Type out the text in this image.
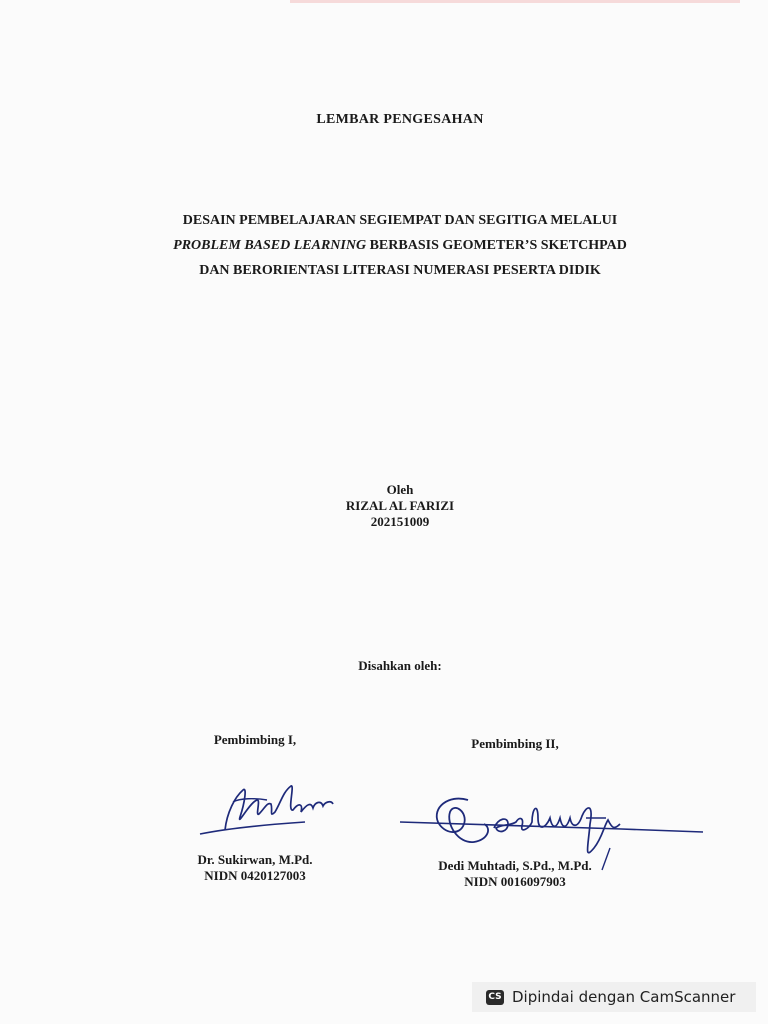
LEMBAR PENGESAHAN
DESAIN PEMBELAJARAN SEGIEMPAT DAN SEGITIGA MELALUI
PROBLEM BASED LEARNING BERBASIS GEOMETER’S SKETCHPAD
DAN BERORIENTASI LITERASI NUMERASI PESERTA DIDIK
Oleh
RIZAL AL FARIZI
202151009
Disahkan oleh:
Pembimbing I,
Dr. Sukirwan, M.Pd.
NIDN 0420127003
Pembimbing II,
Dedi Muhtadi, S.Pd., M.Pd.
NIDN 0016097903
CS Dipindai dengan CamScanner
